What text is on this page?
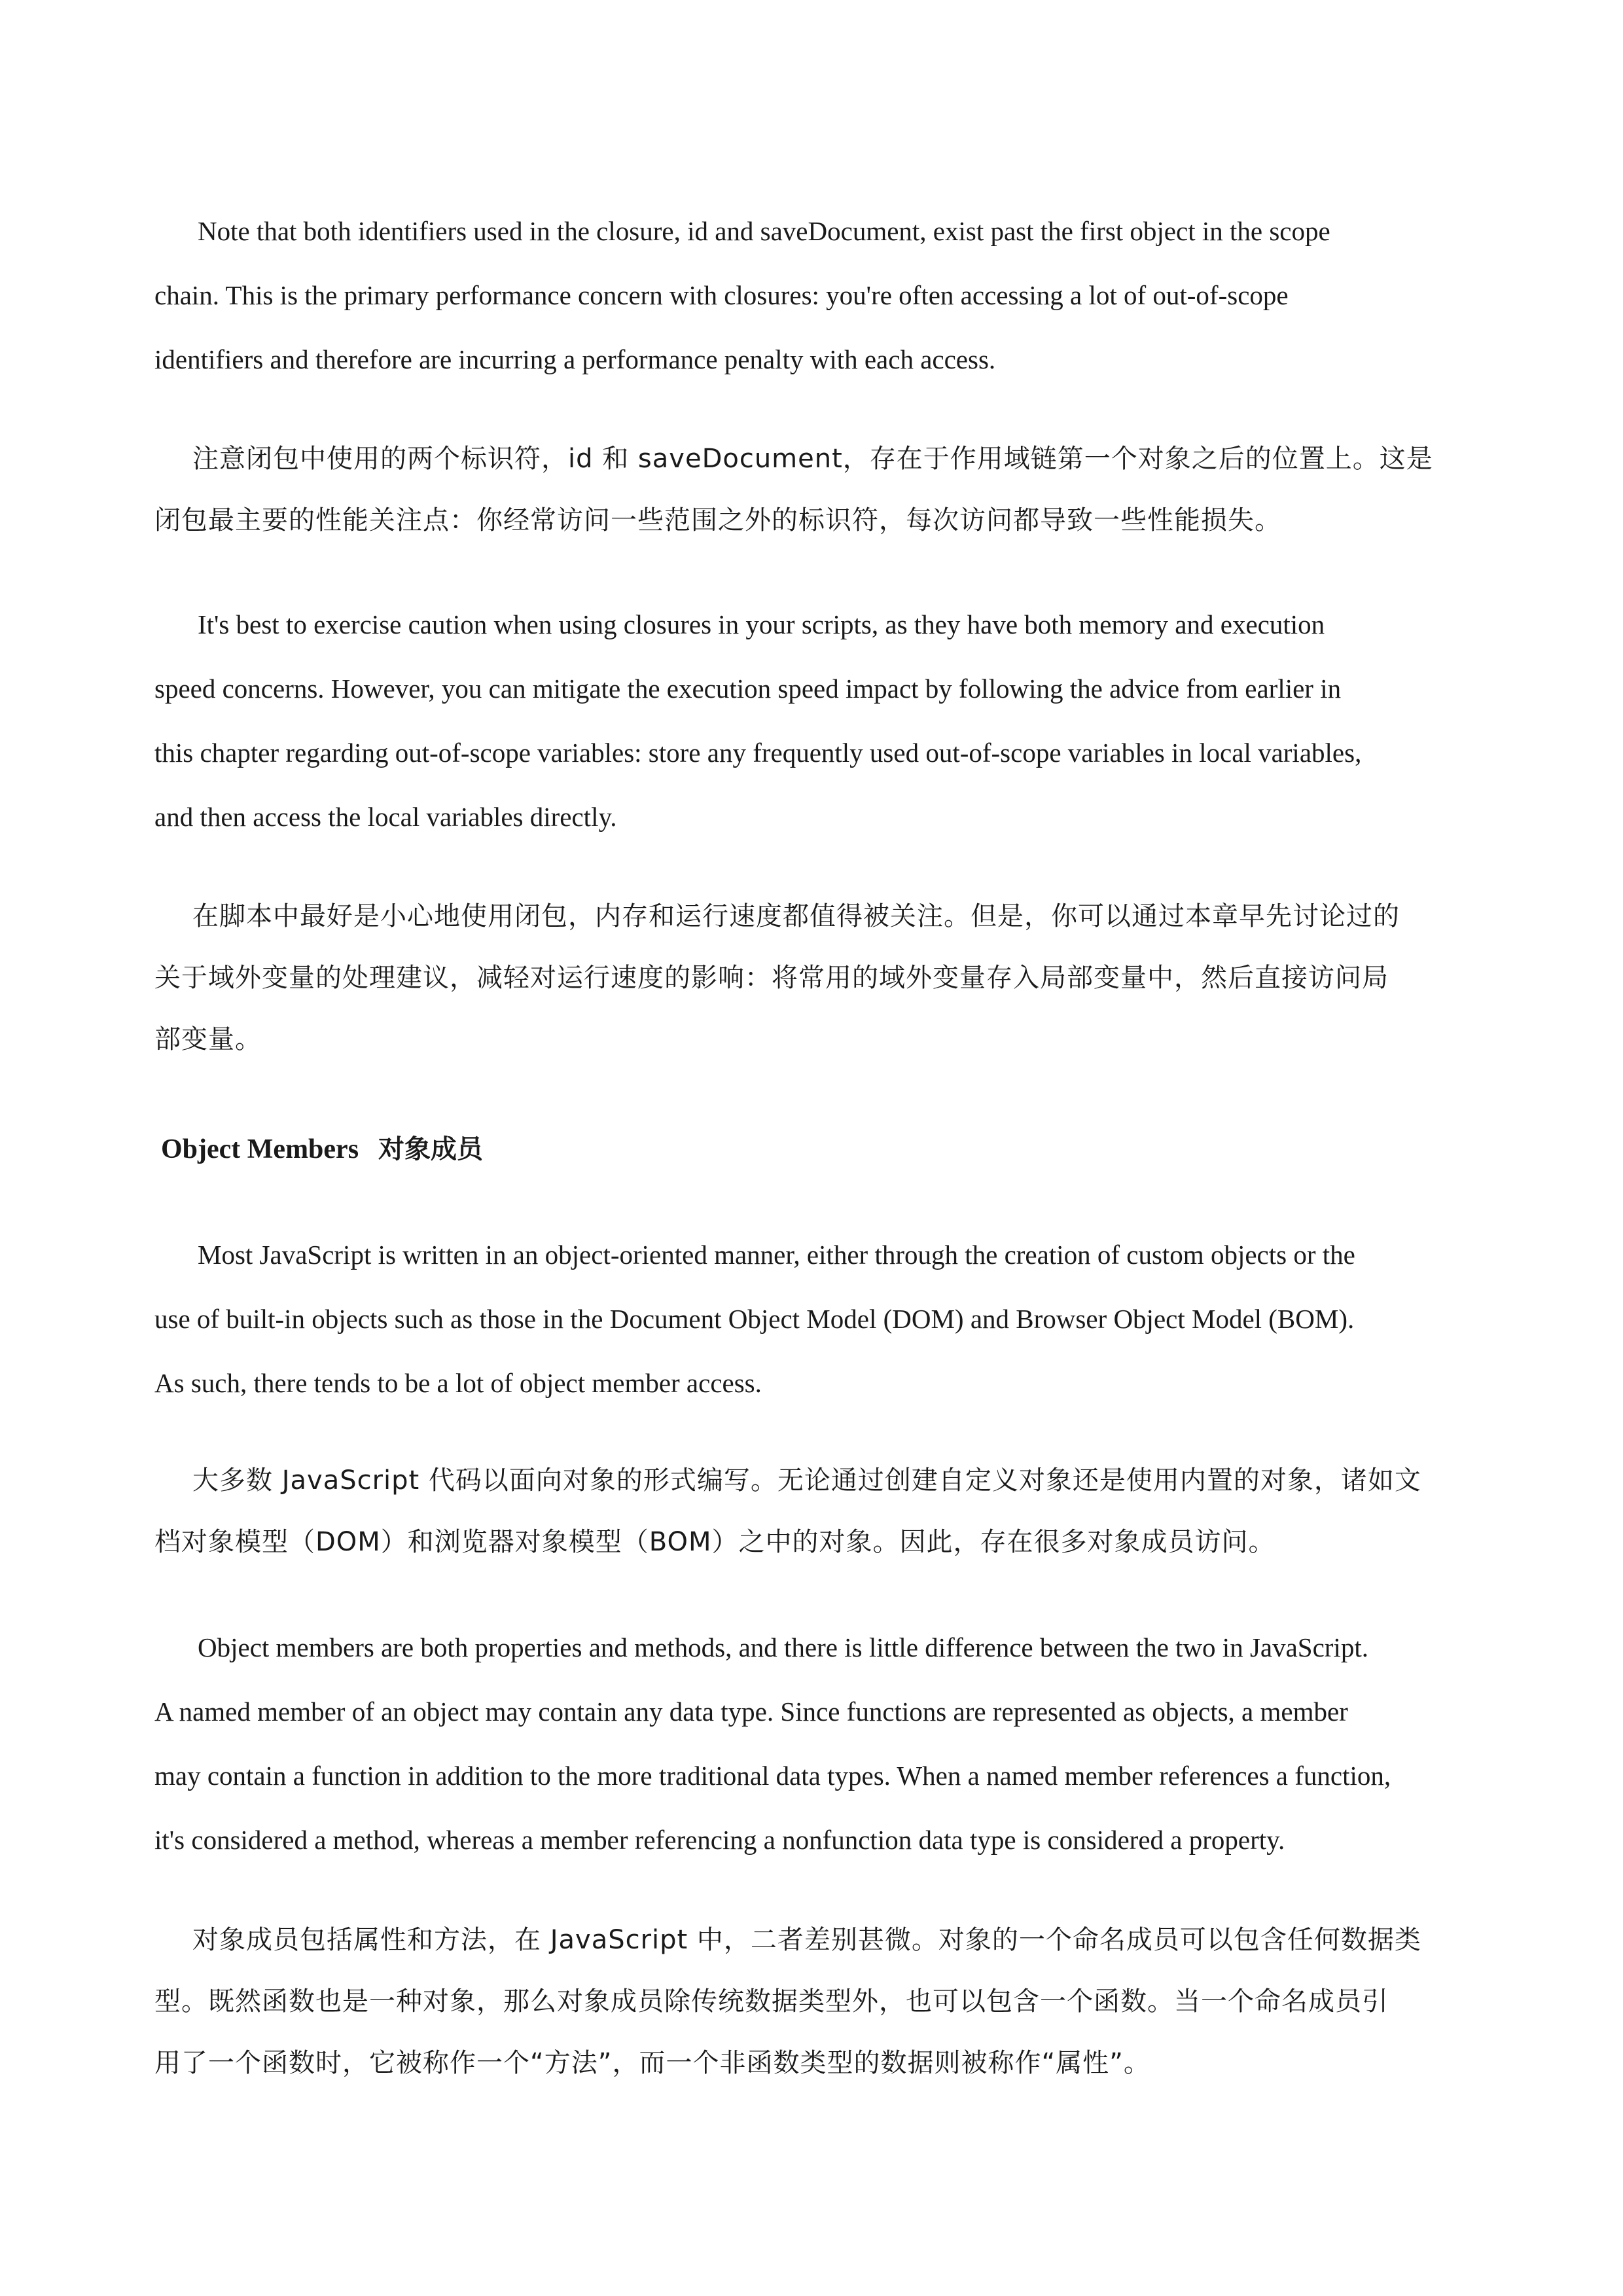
Note that both identifiers used in the closure, id and saveDocument, exist past the first object in the scope
chain. This is the primary performance concern with closures: you're often accessing a lot of out-of-scope
identifiers and therefore are incurring a performance penalty with each access.

注意闭包中使用的两个标识符，id 和 saveDocument，存在于作用域链第一个对象之后的位置上。这是
闭包最主要的性能关注点：你经常访问一些范围之外的标识符，每次访问都导致一些性能损失。

It's best to exercise caution when using closures in your scripts, as they have both memory and execution
speed concerns. However, you can mitigate the execution speed impact by following the advice from earlier in
this chapter regarding out-of-scope variables: store any frequently used out-of-scope variables in local variables,
and then access the local variables directly.

在脚本中最好是小心地使用闭包，内存和运行速度都值得被关注。但是，你可以通过本章早先讨论过的
关于域外变量的处理建议，减轻对运行速度的影响：将常用的域外变量存入局部变量中，然后直接访问局
部变量。

Object Members 对象成员

Most JavaScript is written in an object-oriented manner, either through the creation of custom objects or the
use of built-in objects such as those in the Document Object Model (DOM) and Browser Object Model (BOM).
As such, there tends to be a lot of object member access.

大多数 JavaScript 代码以面向对象的形式编写。无论通过创建自定义对象还是使用内置的对象，诸如文
档对象模型（DOM）和浏览器对象模型（BOM）之中的对象。因此，存在很多对象成员访问。

Object members are both properties and methods, and there is little difference between the two in JavaScript.
A named member of an object may contain any data type. Since functions are represented as objects, a member
may contain a function in addition to the more traditional data types. When a named member references a function,
it's considered a method, whereas a member referencing a nonfunction data type is considered a property.

对象成员包括属性和方法，在 JavaScript 中，二者差别甚微。对象的一个命名成员可以包含任何数据类
型。既然函数也是一种对象，那么对象成员除传统数据类型外，也可以包含一个函数。当一个命名成员引
用了一个函数时，它被称作一个“方法”，而一个非函数类型的数据则被称作“属性”。
